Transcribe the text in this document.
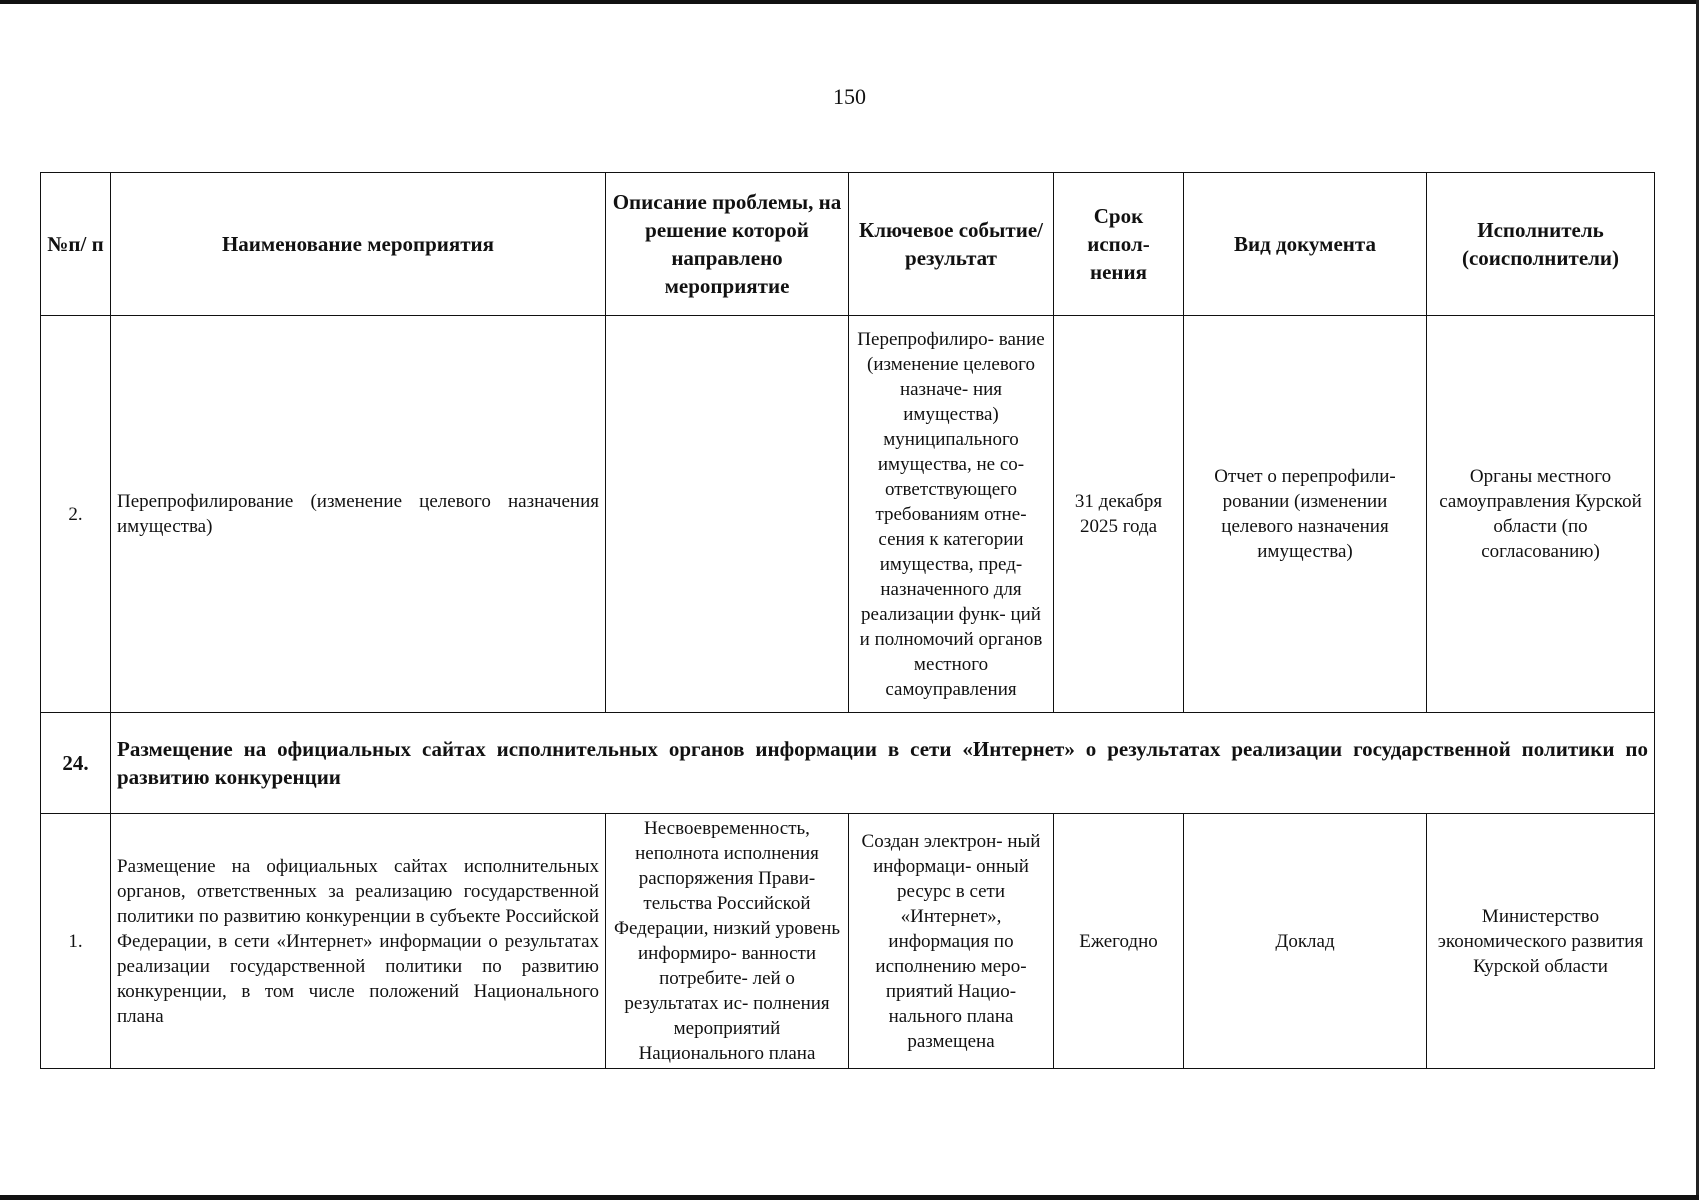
150
№п/ п	Наименование мероприятия	Описание проблемы, на решение которой направлено мероприятие	Ключевое событие/ результат	Срок испол- нения	Вид документа	Исполнитель (соисполнители)
2.	Перепрофилирование (изменение целевого назначения имущества)		Перепрофилиро- вание (изменение целевого назначе- ния имущества) муниципального имущества, не со- ответствующего требованиям отне- сения к категории имущества, пред- назначенного для реализации функ- ций и полномочий органов местного самоуправления	31 декабря 2025 года	Отчет о перепрофили- ровании (изменении целевого назначения имущества)	Органы местного самоуправления Курской области (по согласованию)
24.	Размещение на официальных сайтах исполнительных органов информации в сети «Интернет» о результатах реализации государственной политики по развитию конкуренции					
1.	Размещение на официальных сайтах исполнительных органов, ответственных за реализацию государственной политики по развитию конкуренции в субъекте Российской Федерации, в сети «Интернет» информации о результатах реализации государственной политики по развитию конкуренции, в том числе положений Национального плана	Несвоевременность, неполнота исполнения распоряжения Прави- тельства Российской Федерации, низкий уровень информиро- ванности потребите- лей о результатах ис- полнения мероприятий Национального плана	Создан электрон- ный информаци- онный ресурс в сети «Интернет», информация по исполнению меро- приятий Нацио- нального плана размещена	Ежегодно	Доклад	Министерство экономического развития Курской области
